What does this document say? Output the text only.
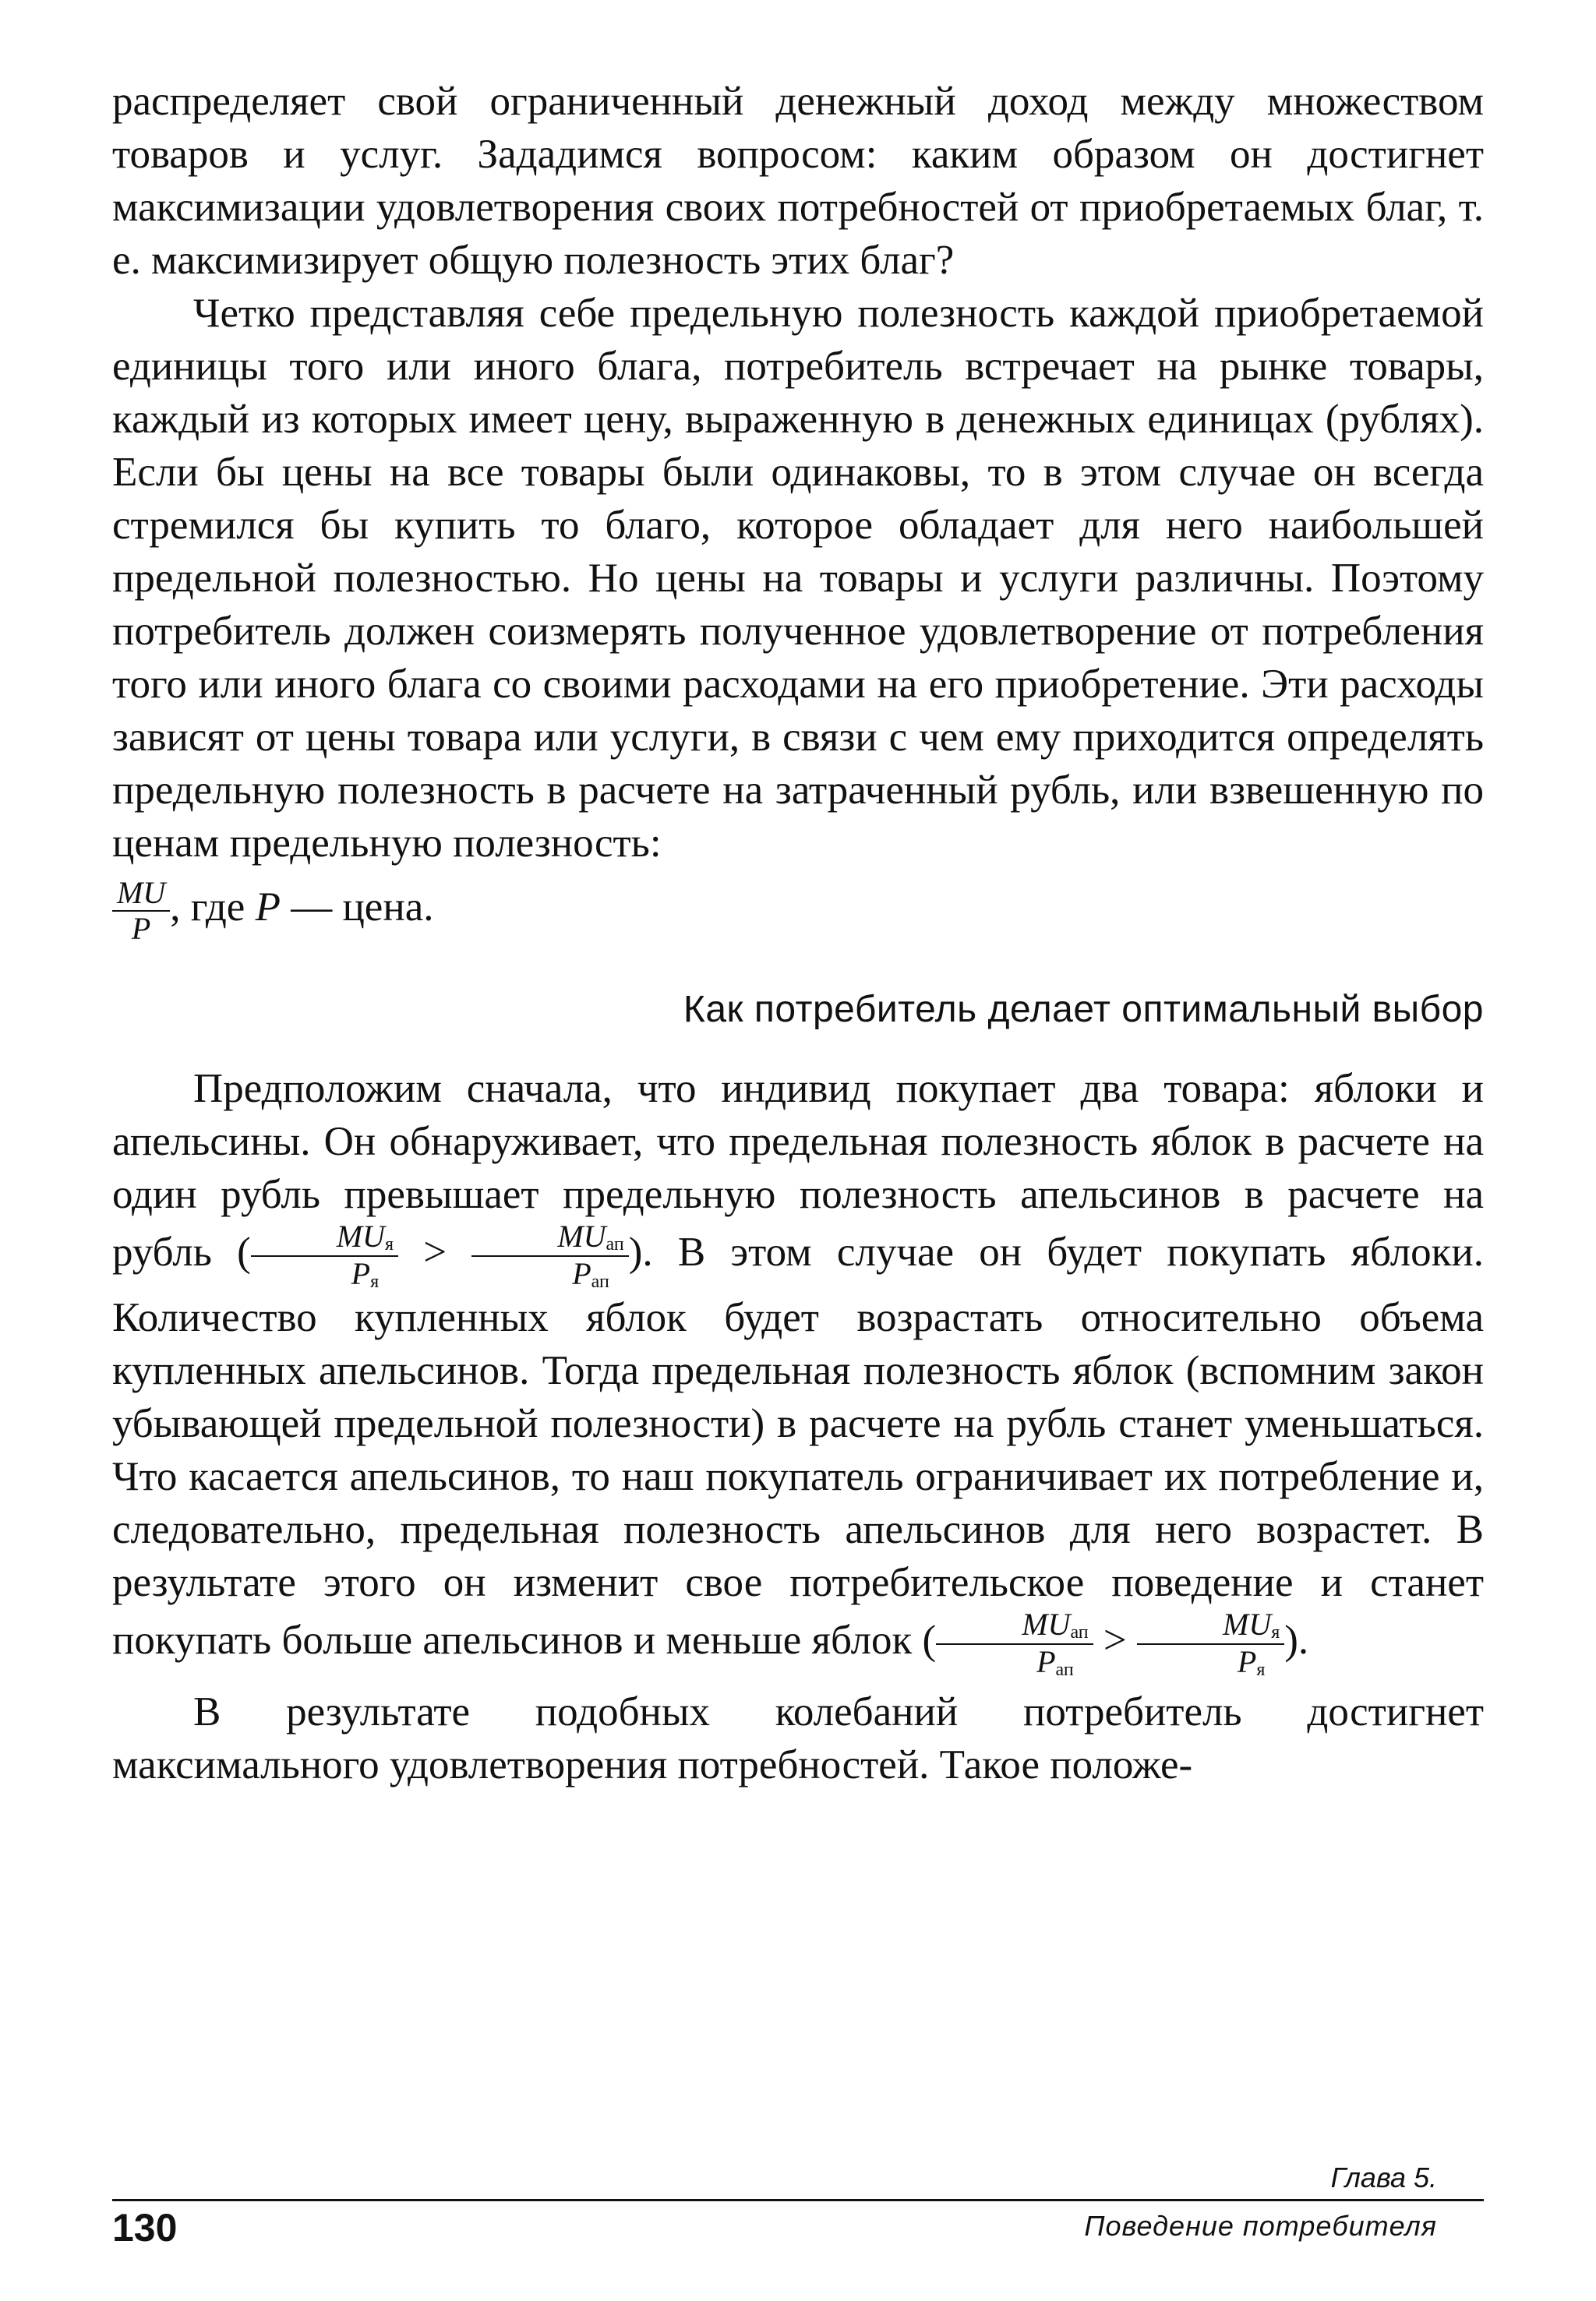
распределяет свой ограниченный денежный доход между множеством товаров и услуг. Зададимся вопросом: каким образом он достигнет максимизации удовлетворения своих потребностей от приобретаемых благ, т. е. максимизирует общую полезность этих благ?

Четко представляя себе предельную полезность каждой приобретаемой единицы того или иного блага, потребитель встречает на рынке товары, каждый из которых имеет цену, выраженную в денежных единицах (рублях). Если бы цены на все товары были одинаковы, то в этом случае он всегда стремился бы купить то благо, которое обладает для него наибольшей предельной полезностью. Но цены на товары и услуги различны. Поэтому потребитель должен соизмерять полученное удовлетворение от потребления того или иного блага со своими расходами на его приобретение. Эти расходы зависят от цены товара или услуги, в связи с чем ему приходится определять предельную полезность в расчете на затраченный рубль, или взвешенную по ценам предельную полезность:

$\frac{MU}{P}$ , где P — цена.

Как потребитель делает оптимальный выбор

Предположим сначала, что индивид покупает два товара: яблоки и апельсины. Он обнаруживает, что предельная полезность яблок в расчете на один рубль превышает предельную полезность апельсинов в расчете на рубль ( $\frac{MU_я}{P_я} > \frac{MU_{ап}}{P_{ап}}$ ). В этом случае он будет покупать яблоки. Количество купленных яблок будет возрастать относительно объема купленных апельсинов. Тогда предельная полезность яблок (вспомним закон убывающей предельной полезности) в расчете на рубль станет уменьшаться. Что касается апельсинов, то наш покупатель ограничивает их потребление и, следовательно, предельная полезность апельсинов для него возрастет. В результате этого он изменит свое потребительское поведение и станет покупать больше апельсинов и меньше яблок ( $\frac{MU_{ап}}{P_{ап}} > \frac{MU_я}{P_я}$ ).

В результате подобных колебаний потребитель достигнет максимального удовлетворения потребностей. Такое положе-

Глава 5.
130	Поведение потребителя
